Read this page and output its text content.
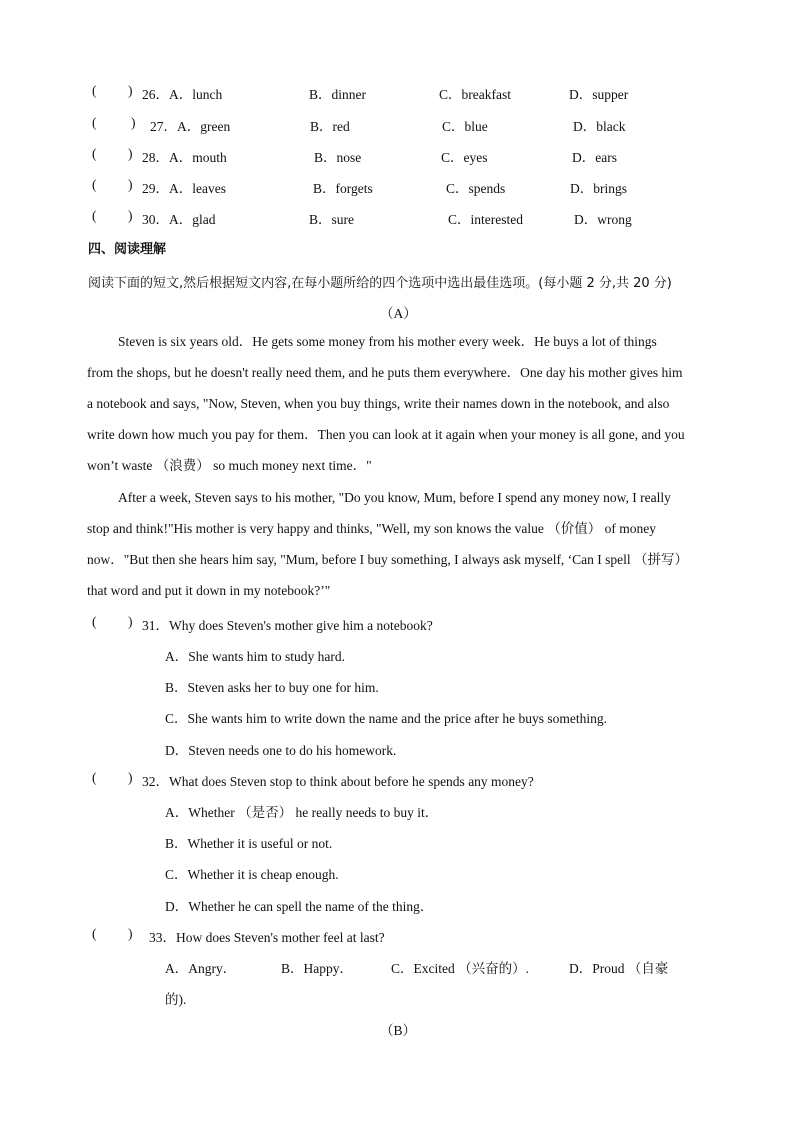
( ) 26．A．lunch	B．dinner	C．breakfast	D．supper
(	) 27．A．green	B．red	C．blue	D．black
( ) 28．A．mouth	B．nose	C．eyes	D．ears
( ) 29．A．leaves	B．forgets	C．spends	D．brings
( ) 30．A．glad	B．sure	C．interested	D．wrong
四、阅读理解
阅读下面的短文,然后根据短文内容,在每小题所给的四个选项中选出最佳选项。(每小题 2 分,共 20 分)
（A）
Steven is six years old．He gets some money from his mother every week．He buys a lot of things
from the shops, but he doesn't really need them, and he puts them everywhere．One day his mother gives him
a notebook and says, "Now, Steven, when you buy things, write their names down in the notebook, and also
write down how much you pay for them．Then you can look at it again when your money is all gone, and you
won’t waste （浪费） so much money next time．"
After a week, Steven says to his mother, "Do you know, Mum, before I spend any money now, I really
stop and think!"His mother is very happy and thinks, "Well, my son knows the value （价值） of money
now．"But then she hears him say, "Mum, before I buy something, I always ask myself, ‘Can I spell （拼写）
that word and put it down in my notebook?’"
( ) 31．Why does Steven's mother give him a notebook?
A．She wants him to study hard.
B．Steven asks her to buy one for him.
C．She wants him to write down the name and the price after he buys something.
D．Steven needs one to do his homework.
( ) 32．What does Steven stop to think about before he spends any money?
A．Whether （是否） he really needs to buy it．
B．Whether it is useful or not.
C．Whether it is cheap enough.
D．Whether he can spell the name of the thing．
( ) 33．How does Steven's mother feel at last?
A．Angry．	B．Happy．	C．Excited （兴奋的）.	D．Proud （自豪
的).
（B）
